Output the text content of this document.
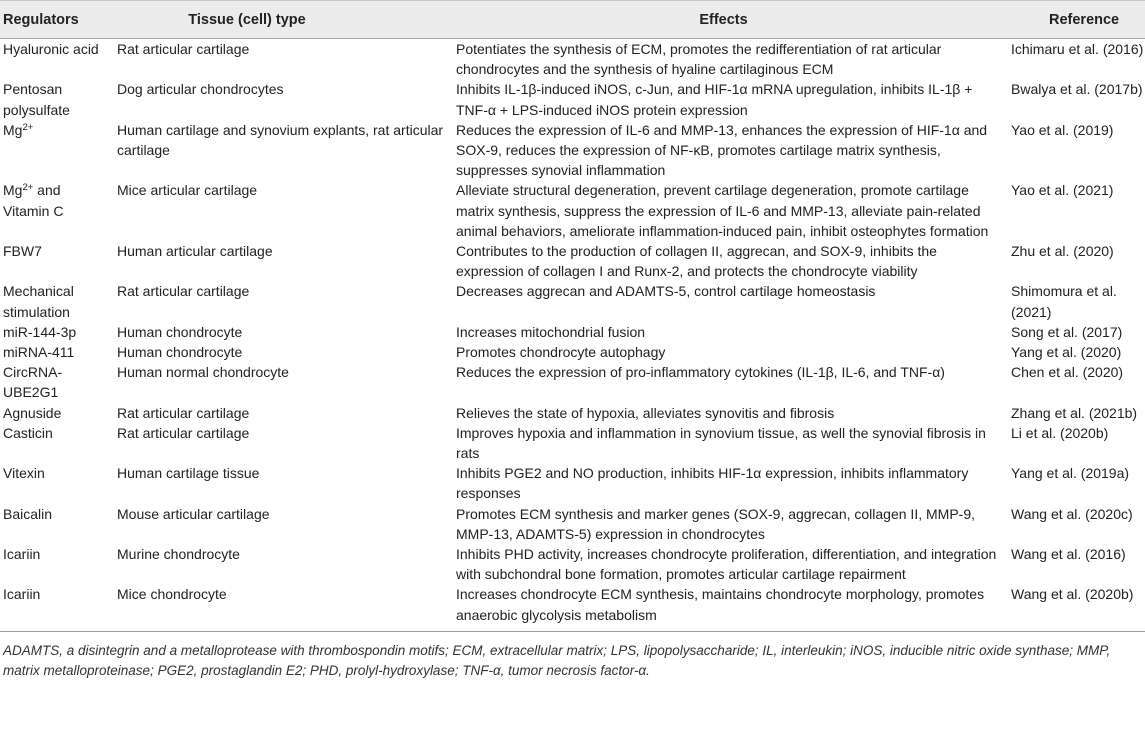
Regulators	Tissue (cell) type	Effects	Reference
Hyaluronic acid	Rat articular cartilage	Potentiates the synthesis of ECM, promotes the redifferentiation of rat articular chondrocytes and the synthesis of hyaline cartilaginous ECM	Ichimaru et al. (2016)
Pentosan polysulfate	Dog articular chondrocytes	Inhibits IL-1β-induced iNOS, c-Jun, and HIF-1α mRNA upregulation, inhibits IL-1β + TNF-α + LPS-induced iNOS protein expression	Bwalya et al. (2017b)
$Mg^{2+}$	Human cartilage and synovium explants, rat articular cartilage	Reduces the expression of IL-6 and MMP-13, enhances the expression of HIF-1α and SOX-9, reduces the expression of NF-κB, promotes cartilage matrix synthesis, suppresses synovial inflammation	Yao et al. (2019)
$Mg^{2+}$ and Vitamin C	Mice articular cartilage	Alleviate structural degeneration, prevent cartilage degeneration, promote cartilage matrix synthesis, suppress the expression of IL-6 and MMP-13, alleviate pain-related animal behaviors, ameliorate inflammation-induced pain, inhibit osteophytes formation	Yao et al. (2021)
FBW7	Human articular cartilage	Contributes to the production of collagen II, aggrecan, and SOX-9, inhibits the expression of collagen I and Runx-2, and protects the chondrocyte viability	Zhu et al. (2020)
Mechanical stimulation	Rat articular cartilage	Decreases aggrecan and ADAMTS-5, control cartilage homeostasis	Shimomura et al. (2021)
miR-144-3p	Human chondrocyte	Increases mitochondrial fusion	Song et al. (2017)
miRNA-411	Human chondrocyte	Promotes chondrocyte autophagy	Yang et al. (2020)
CircRNA-UBE2G1	Human normal chondrocyte	Reduces the expression of pro-inflammatory cytokines (IL-1β, IL-6, and TNF-α)	Chen et al. (2020)
Agnuside	Rat articular cartilage	Relieves the state of hypoxia, alleviates synovitis and fibrosis	Zhang et al. (2021b)
Casticin	Rat articular cartilage	Improves hypoxia and inflammation in synovium tissue, as well the synovial fibrosis in rats	Li et al. (2020b)
Vitexin	Human cartilage tissue	Inhibits PGE2 and NO production, inhibits HIF-1α expression, inhibits inflammatory responses	Yang et al. (2019a)
Baicalin	Mouse articular cartilage	Promotes ECM synthesis and marker genes (SOX-9, aggrecan, collagen II, MMP-9, MMP-13, ADAMTS-5) expression in chondrocytes	Wang et al. (2020c)
Icariin	Murine chondrocyte	Inhibits PHD activity, increases chondrocyte proliferation, differentiation, and integration with subchondral bone formation, promotes articular cartilage repairment	Wang et al. (2016)
Icariin	Mice chondrocyte	Increases chondrocyte ECM synthesis, maintains chondrocyte morphology, promotes anaerobic glycolysis metabolism	Wang et al. (2020b)
ADAMTS, a disintegrin and a metalloprotease with thrombospondin motifs; ECM, extracellular matrix; LPS, lipopolysaccharide; IL, interleukin; iNOS, inducible nitric oxide synthase; MMP, matrix metalloproteinase; PGE2, prostaglandin E2; PHD, prolyl-hydroxylase; TNF-α, tumor necrosis factor-α.
